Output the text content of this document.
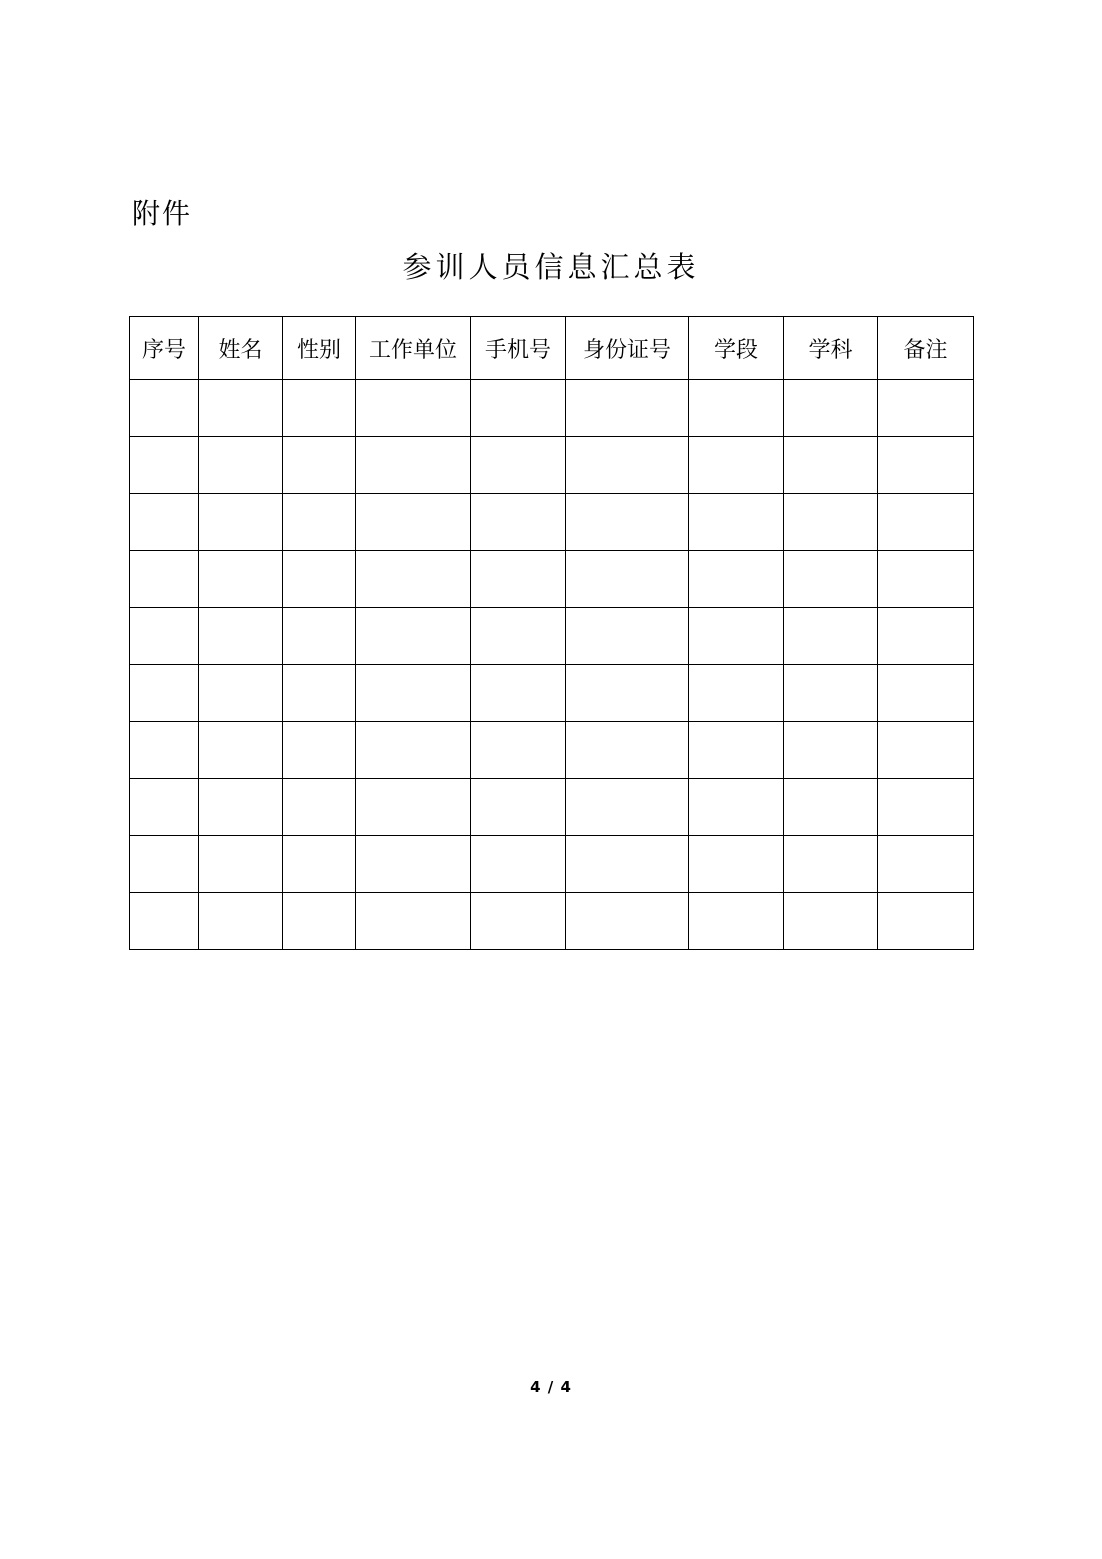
附件
参训人员信息汇总表
序号	姓名	性别	工作单位	手机号	身份证号	学段	学科	备注

4 / 4
